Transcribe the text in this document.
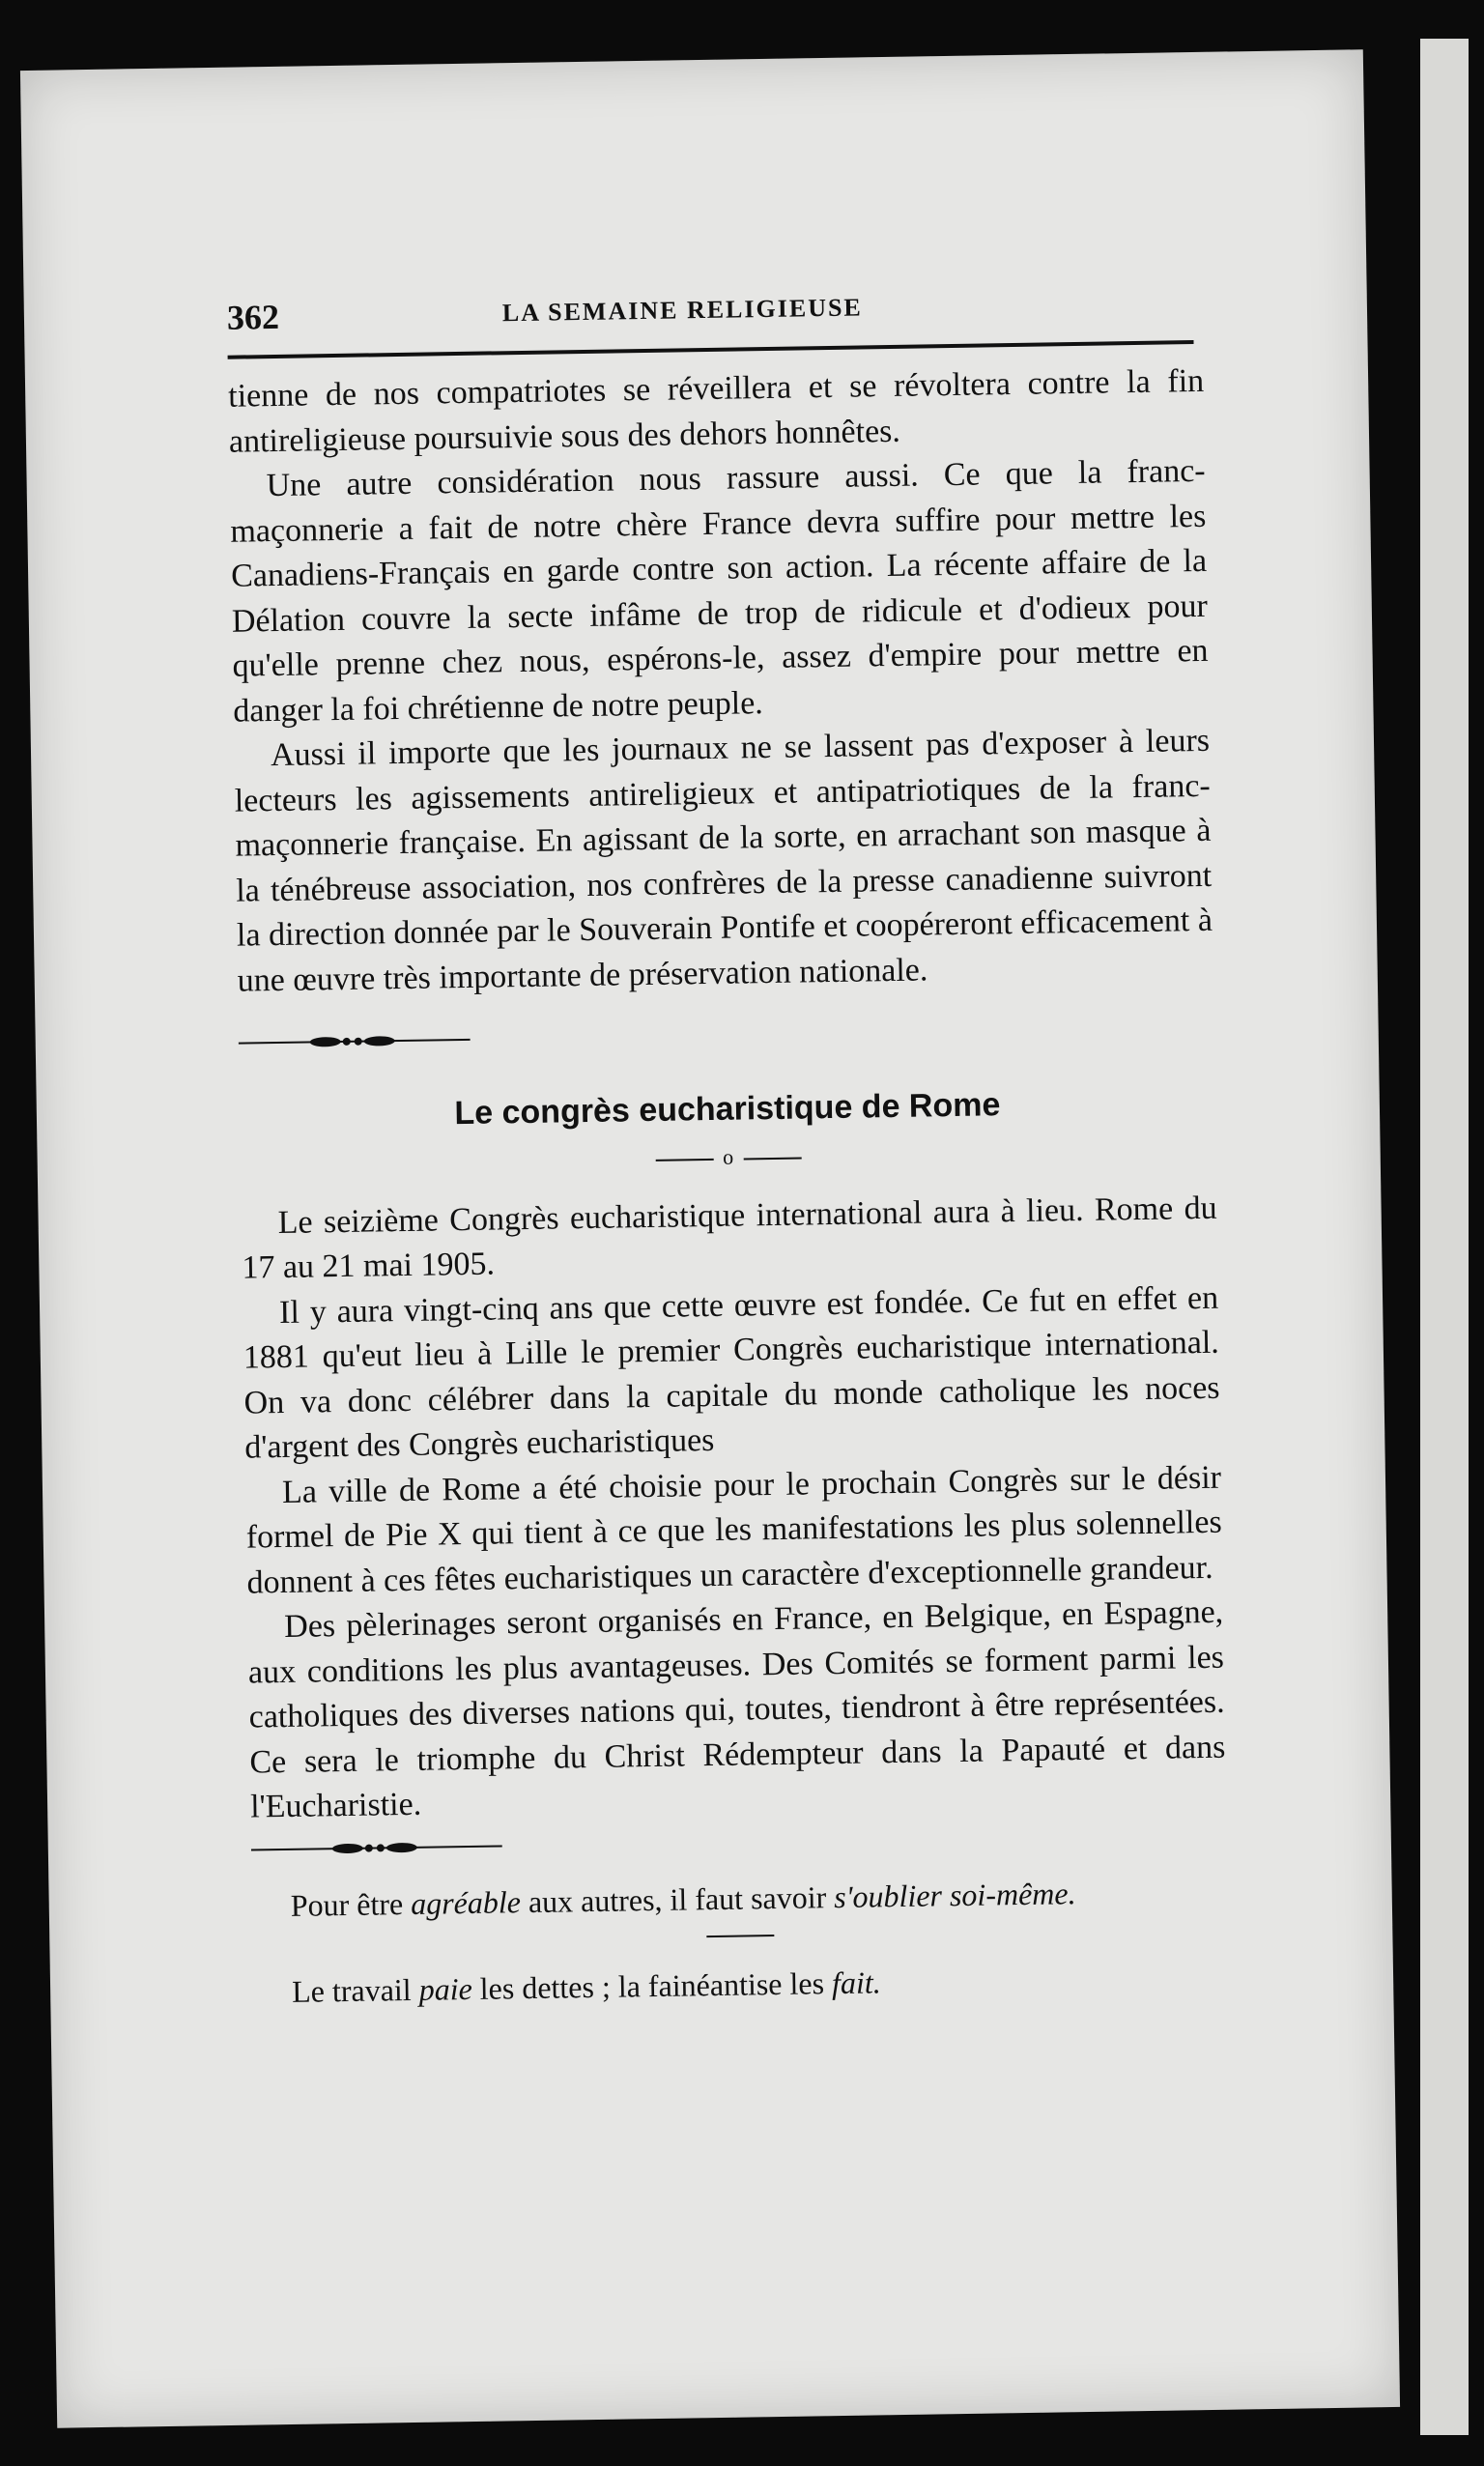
362	LA SEMAINE RELIGIEUSE

tienne de nos compatriotes se réveillera et se révoltera contre la fin antireligieuse poursuivie sous des dehors honnêtes.

Une autre considération nous rassure aussi. Ce que la franc-maçonnerie a fait de notre chère France devra suffire pour mettre les Canadiens-Français en garde contre son action. La récente affaire de la Délation couvre la secte infâme de trop de ridicule et d'odieux pour qu'elle prenne chez nous, espérons-le, assez d'empire pour mettre en danger la foi chrétienne de notre peuple.

Aussi il importe que les journaux ne se lassent pas d'exposer à leurs lecteurs les agissements antireligieux et antipatriotiques de la franc-maçonnerie française. En agissant de la sorte, en arrachant son masque à la ténébreuse association, nos confrères de la presse canadienne suivront la direction donnée par le Souverain Pontife et coopéreront efficacement à une œuvre très importante de préservation nationale.

Le congrès eucharistique de Rome
o

Le seizième Congrès eucharistique international aura à lieu. Rome du 17 au 21 mai 1905.

Il y aura vingt-cinq ans que cette œuvre est fondée. Ce fut en effet en 1881 qu'eut lieu à Lille le premier Congrès eucharistique international. On va donc célébrer dans la capitale du monde catholique les noces d'argent des Congrès eucharistiques

La ville de Rome a été choisie pour le prochain Congrès sur le désir formel de Pie X qui tient à ce que les manifestations les plus solennelles donnent à ces fêtes eucharistiques un caractère d'exceptionnelle grandeur.

Des pèlerinages seront organisés en France, en Belgique, en Espagne, aux conditions les plus avantageuses. Des Comités se forment parmi les catholiques des diverses nations qui, toutes, tiendront à être représentées. Ce sera le triomphe du Christ Rédempteur dans la Papauté et dans l'Eucharistie.

Pour être agréable aux autres, il faut savoir s'oublier soi-même.

Le travail paie les dettes ; la fainéantise les fait.
